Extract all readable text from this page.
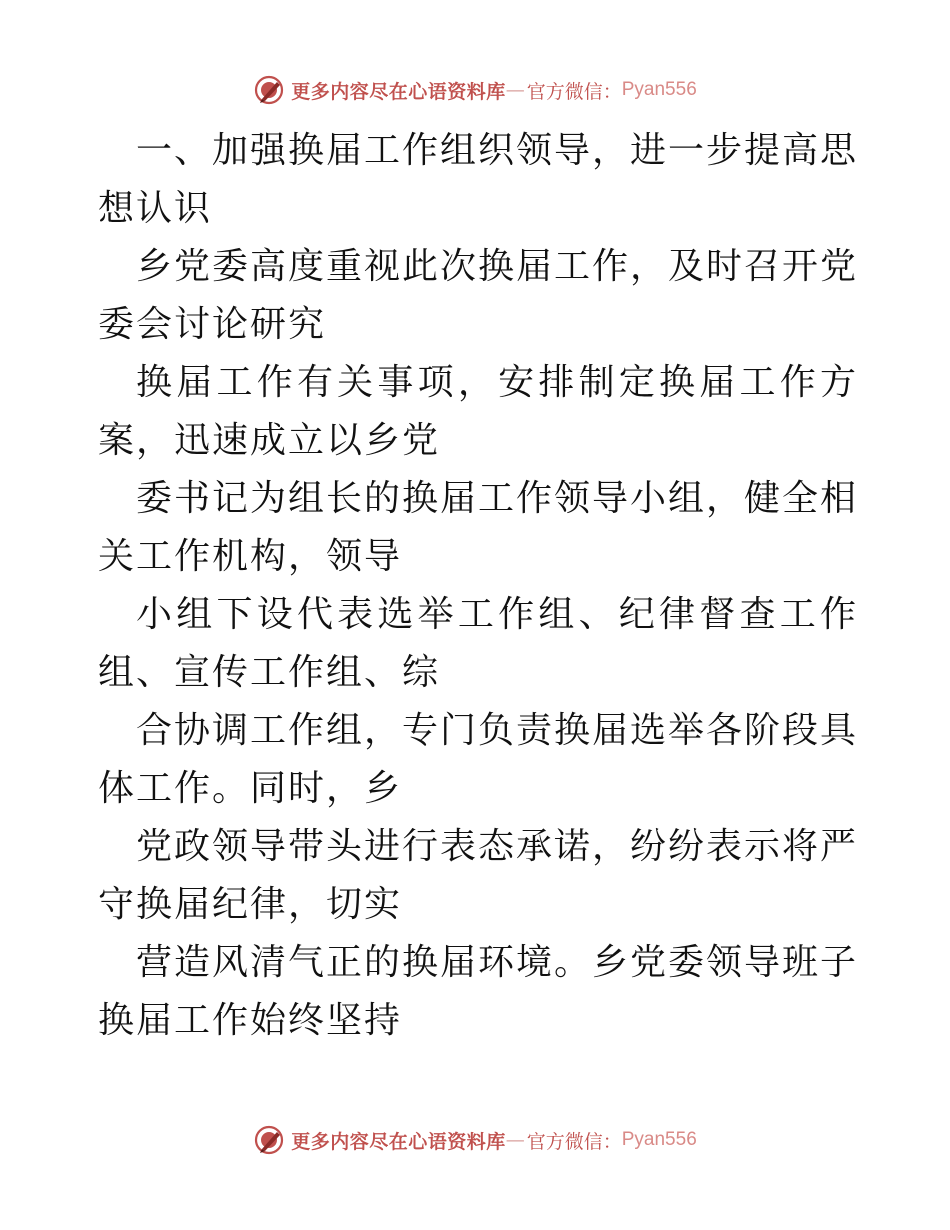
更多内容尽在心语资料库 — 官方微信： Pyan556

一、加强换届工作组织领导，进一步提高思想认识

乡党委高度重视此次换届工作，及时召开党委会讨论研究

换届工作有关事项，安排制定换届工作方案，迅速成立以乡党

委书记为组长的换届工作领导小组，健全相关工作机构，领导

小组下设代表选举工作组、纪律督查工作组、宣传工作组、综

合协调工作组，专门负责换届选举各阶段具体工作。同时，乡

党政领导带头进行表态承诺，纷纷表示将严守换届纪律，切实

营造风清气正的换届环境。乡党委领导班子换届工作始终坚持

更多内容尽在心语资料库 — 官方微信： Pyan556
